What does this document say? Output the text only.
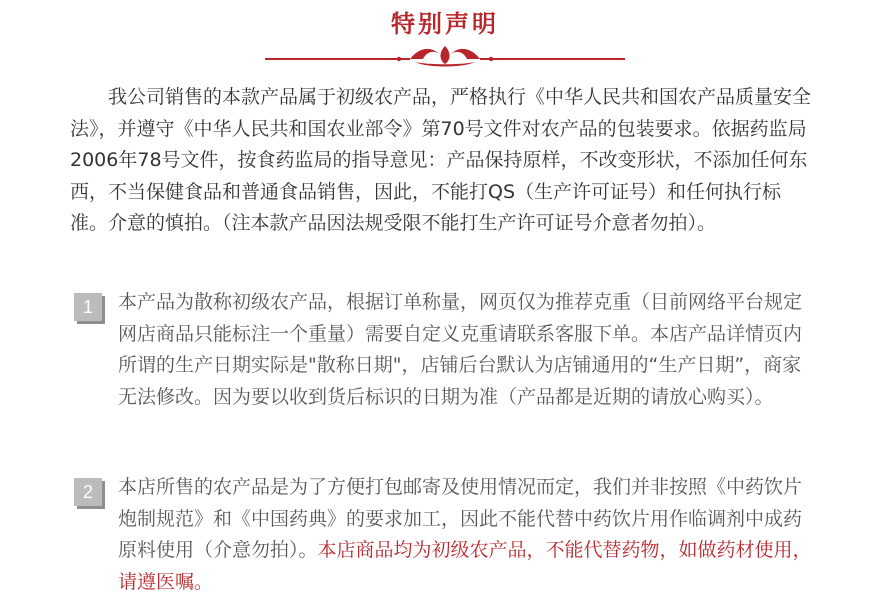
特别声明
我公司销售的本款产品属于初级农产品，严格执行《中华人民共和国农产品质量安全法》，并遵守《中华人民共和国农业部令》第70号文件对农产品的包装要求。依据药监局2006年78号文件，按食药监局的指导意见：产品保持原样，不改变形状，不添加任何东西，不当保健食品和普通食品销售，因此，不能打QS（生产许可证号）和任何执行标准。介意的慎拍。（注本款产品因法规受限不能打生产许可证号介意者勿拍）。
1	本产品为散称初级农产品，根据订单称量，网页仅为推荐克重（目前网络平台规定网店商品只能标注一个重量）需要自定义克重请联系客服下单。本店产品详情页内所谓的生产日期实际是"散称日期"，店铺后台默认为店铺通用的“生产日期”，商家无法修改。因为要以收到货后标识的日期为准（产品都是近期的请放心购买）。
2	本店所售的农产品是为了方便打包邮寄及使用情况而定，我们并非按照《中药饮片炮制规范》和《中国药典》的要求加工，因此不能代替中药饮片用作临调剂中成药原料使用（介意勿拍）。本店商品均为初级农产品，不能代替药物，如做药材使用，请遵医嘱。
